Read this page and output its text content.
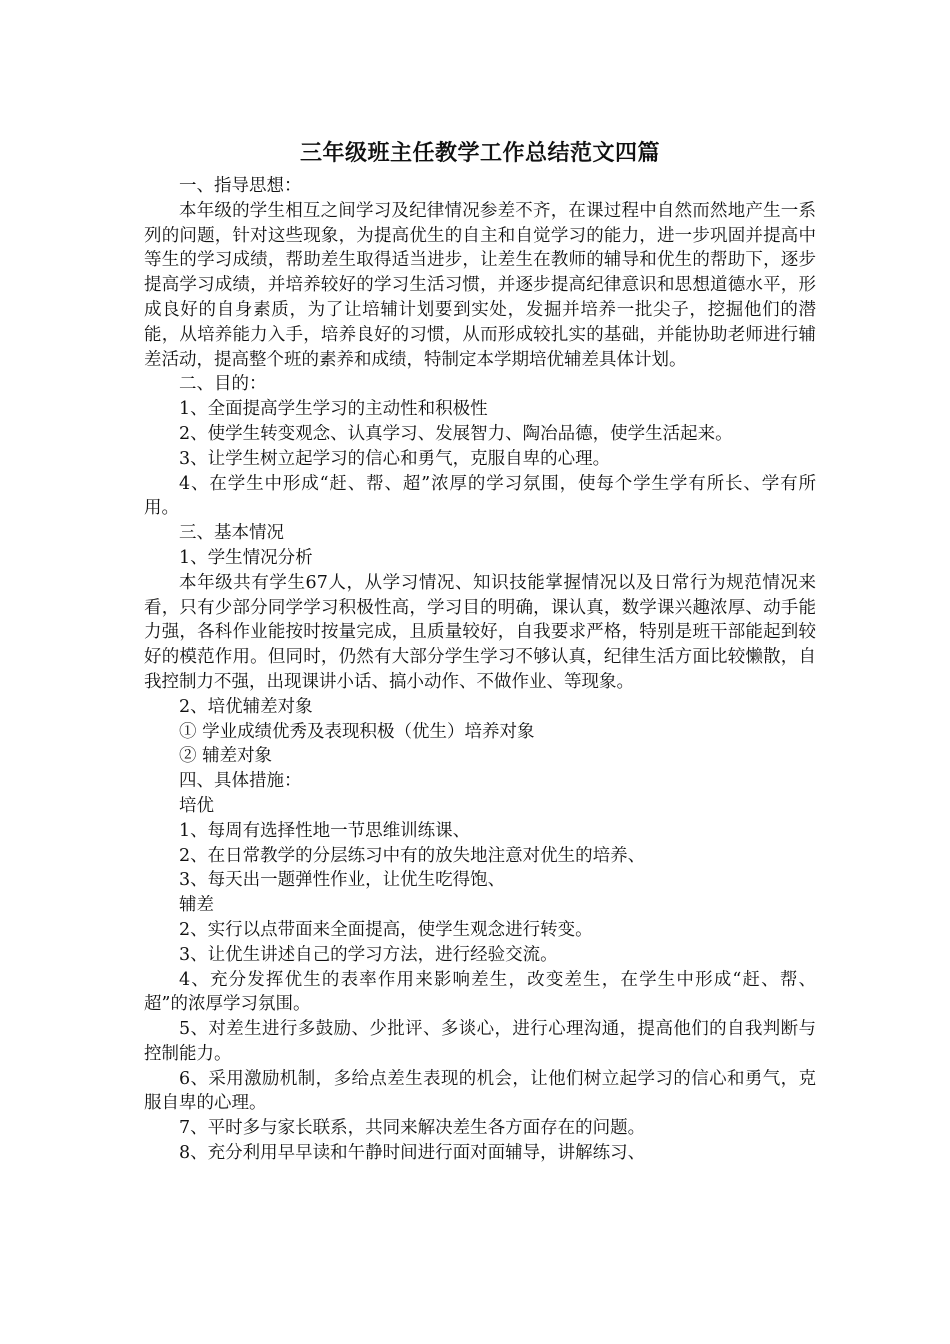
三年级班主任教学工作总结范文四篇

一、指导思想：

本年级的学生相互之间学习及纪律情况参差不齐，在课过程中自然而然地产生一系列的问题，针对这些现象，为提高优生的自主和自觉学习的能力，进一步巩固并提高中等生的学习成绩，帮助差生取得适当进步，让差生在教师的辅导和优生的帮助下，逐步提高学习成绩，并培养较好的学习生活习惯，并逐步提高纪律意识和思想道德水平，形成良好的自身素质，为了让培辅计划要到实处，发掘并培养一批尖子，挖掘他们的潜能，从培养能力入手，培养良好的习惯，从而形成较扎实的基础，并能协助老师进行辅差活动，提高整个班的素养和成绩，特制定本学期培优辅差具体计划。

二、目的：

1、全面提高学生学习的主动性和积极性

2、使学生转变观念、认真学习、发展智力、陶冶品德，使学生活起来。

3、让学生树立起学习的信心和勇气，克服自卑的心理。

4、在学生中形成“赶、帮、超”浓厚的学习氛围，使每个学生学有所长、学有所用。

三、基本情况

1、学生情况分析

本年级共有学生67人，从学习情况、知识技能掌握情况以及日常行为规范情况来看，只有少部分同学学习积极性高，学习目的明确，课认真，数学课兴趣浓厚、动手能力强，各科作业能按时按量完成，且质量较好，自我要求严格，特别是班干部能起到较好的模范作用。但同时，仍然有大部分学生学习不够认真，纪律生活方面比较懒散，自我控制力不强，出现课讲小话、搞小动作、不做作业、等现象。

2、培优辅差对象

① 学业成绩优秀及表现积极（优生）培养对象

② 辅差对象

四、具体措施：

培优

1、每周有选择性地一节思维训练课、

2、在日常教学的分层练习中有的放失地注意对优生的培养、

3、每天出一题弹性作业，让优生吃得饱、

辅差

2、实行以点带面来全面提高，使学生观念进行转变。

3、让优生讲述自己的学习方法，进行经验交流。

4、充分发挥优生的表率作用来影响差生，改变差生，在学生中形成“赶、帮、超”的浓厚学习氛围。

5、对差生进行多鼓励、少批评、多谈心，进行心理沟通，提高他们的自我判断与控制能力。

6、采用激励机制，多给点差生表现的机会，让他们树立起学习的信心和勇气，克服自卑的心理。

7、平时多与家长联系，共同来解决差生各方面存在的问题。

8、充分利用早早读和午静时间进行面对面辅导，讲解练习、
